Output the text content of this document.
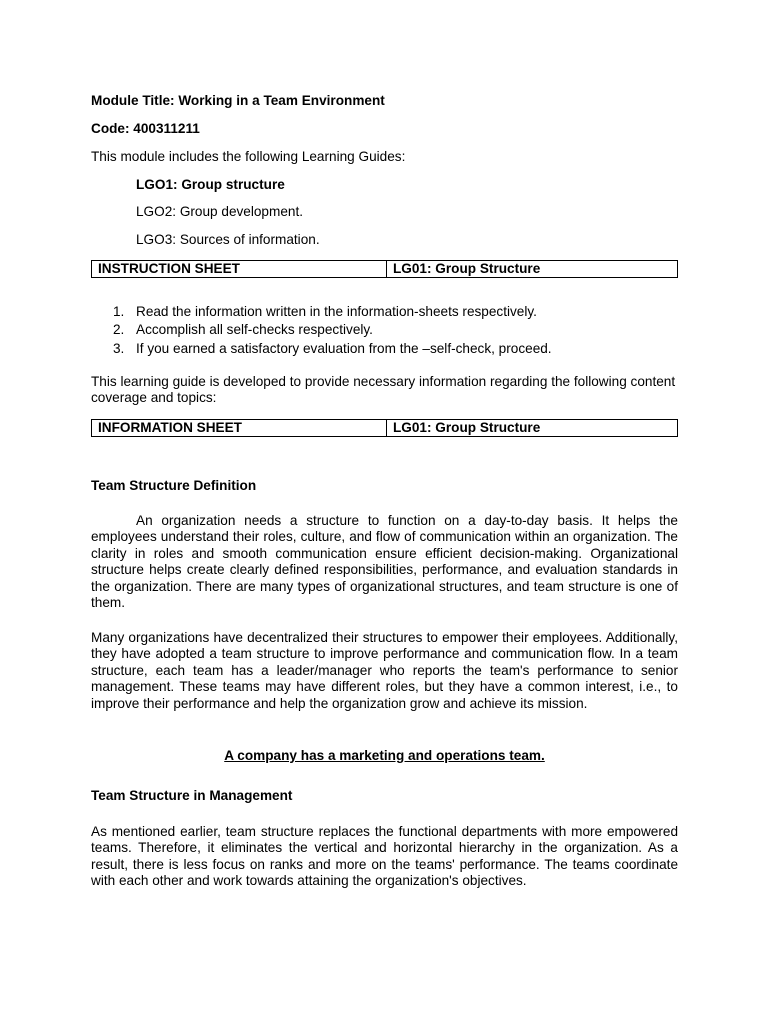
Module Title: Working in a Team Environment

Code: 400311211

This module includes the following Learning Guides:

LGO1: Group structure

LGO2: Group development.

LGO3: Sources of information.

INSTRUCTION SHEET	LG01: Group Structure
1. Read the information written in the information-sheets respectively.
2. Accomplish all self-checks respectively.
3. If you earned a satisfactory evaluation from the –self-check, proceed.

This learning guide is developed to provide necessary information regarding the following content coverage and topics:

INFORMATION SHEET	LG01: Group Structure

Team Structure Definition

An organization needs a structure to function on a day-to-day basis. It helps the employees understand their roles, culture, and flow of communication within an organization. The clarity in roles and smooth communication ensure efficient decision-making. Organizational structure helps create clearly defined responsibilities, performance, and evaluation standards in the organization. There are many types of organizational structures, and team structure is one of them.

Many organizations have decentralized their structures to empower their employees. Additionally, they have adopted a team structure to improve performance and communication flow. In a team structure, each team has a leader/manager who reports the team's performance to senior management. These teams may have different roles, but they have a common interest, i.e., to improve their performance and help the organization grow and achieve its mission.

A company has a marketing and operations team.

Team Structure in Management

As mentioned earlier, team structure replaces the functional departments with more empowered teams. Therefore, it eliminates the vertical and horizontal hierarchy in the organization. As a result, there is less focus on ranks and more on the teams' performance. The teams coordinate with each other and work towards attaining the organization's objectives.
